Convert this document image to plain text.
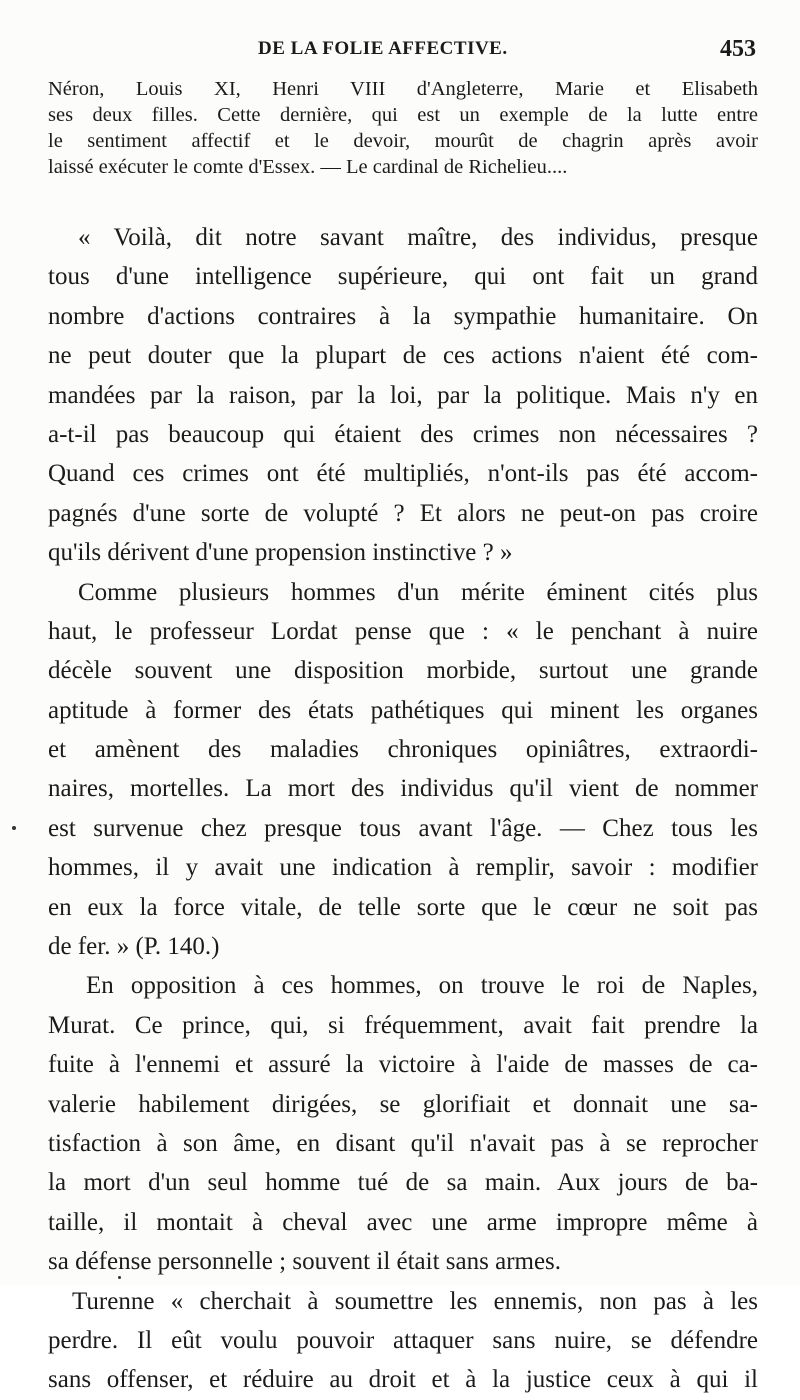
DE LA FOLIE AFFECTIVE.	453
Néron, Louis XI, Henri VIII d'Angleterre, Marie et Elisabeth
ses deux filles. Cette dernière, qui est un exemple de la lutte entre
le sentiment affectif et le devoir, mourût de chagrin après avoir
laissé exécuter le comte d'Essex. — Le cardinal de Richelieu....
« Voilà, dit notre savant maître, des individus, presque
tous d'une intelligence supérieure, qui ont fait un grand
nombre d'actions contraires à la sympathie humanitaire. On
ne peut douter que la plupart de ces actions n'aient été com-
mandées par la raison, par la loi, par la politique. Mais n'y en
a-t-il pas beaucoup qui étaient des crimes non nécessaires ?
Quand ces crimes ont été multipliés, n'ont-ils pas été accom-
pagnés d'une sorte de volupté ? Et alors ne peut-on pas croire
qu'ils dérivent d'une propension instinctive ? »
Comme plusieurs hommes d'un mérite éminent cités plus
haut, le professeur Lordat pense que : « le penchant à nuire
décèle souvent une disposition morbide, surtout une grande
aptitude à former des états pathétiques qui minent les organes
et amènent des maladies chroniques opiniâtres, extraordi-
naires, mortelles. La mort des individus qu'il vient de nommer
est survenue chez presque tous avant l'âge. — Chez tous les
hommes, il y avait une indication à remplir, savoir : modifier
en eux la force vitale, de telle sorte que le cœur ne soit pas
de fer. » (P. 140.)
En opposition à ces hommes, on trouve le roi de Naples,
Murat. Ce prince, qui, si fréquemment, avait fait prendre la
fuite à l'ennemi et assuré la victoire à l'aide de masses de ca-
valerie habilement dirigées, se glorifiait et donnait une sa-
tisfaction à son âme, en disant qu'il n'avait pas à se reprocher
la mort d'un seul homme tué de sa main. Aux jours de ba-
taille, il montait à cheval avec une arme impropre même à
sa défense personnelle ; souvent il était sans armes.
Turenne « cherchait à soumettre les ennemis, non pas à les
perdre. Il eût voulu pouvoir attaquer sans nuire, se défendre
sans offenser, et réduire au droit et à la justice ceux à qui il
